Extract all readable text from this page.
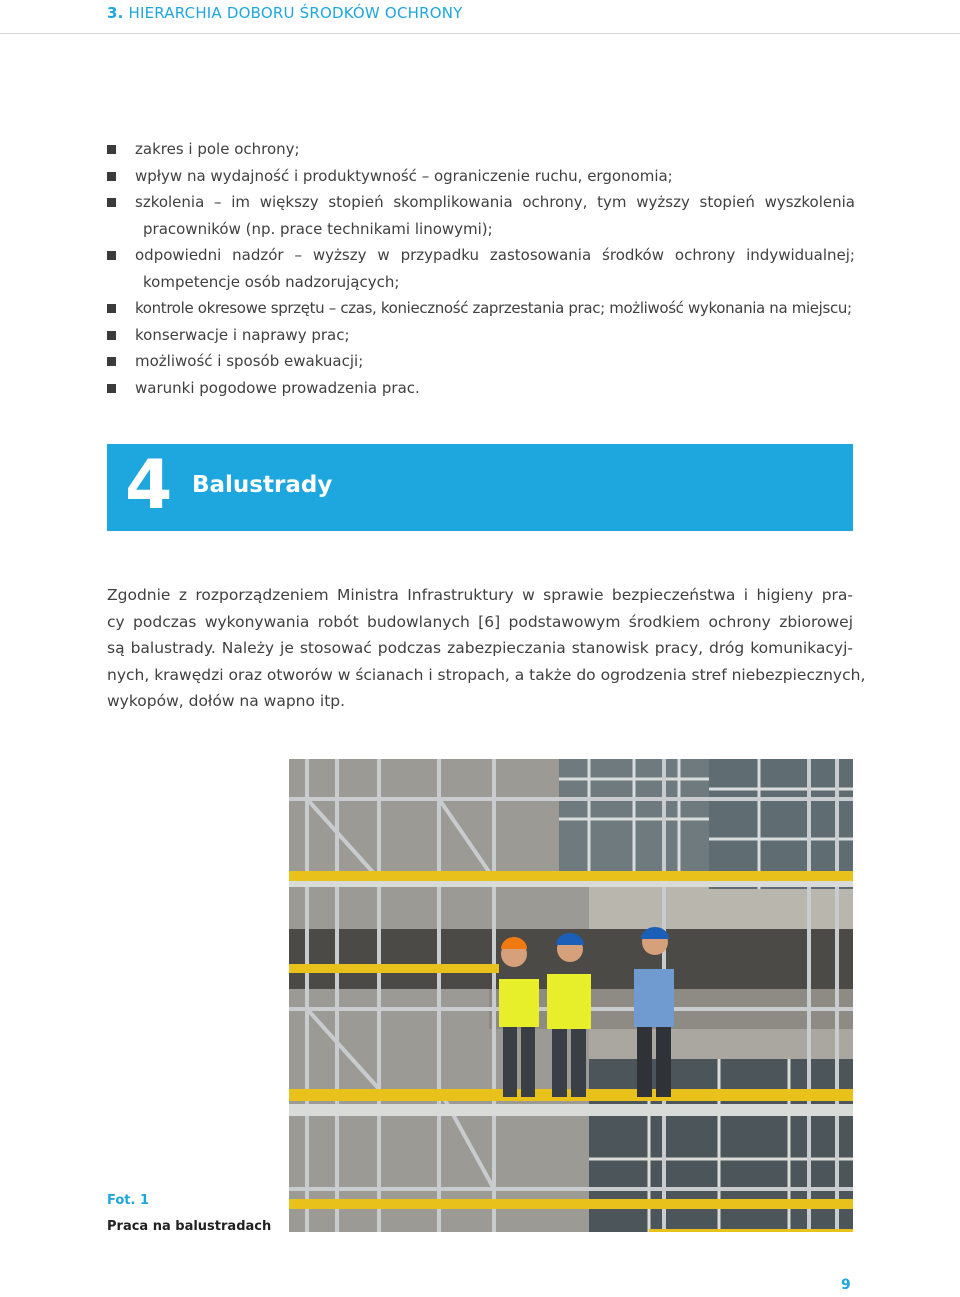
3. HIERARCHIA DOBORU ŚRODKÓW OCHRONY
zakres i pole ochrony;
wpływ na wydajność i produktywność – ograniczenie ruchu, ergonomia;
szkolenia – im większy stopień skomplikowania ochrony, tym wyższy stopień wyszkolenia
pracowników (np. prace technikami linowymi);
odpowiedni nadzór – wyższy w przypadku zastosowania środków ochrony indywidualnej;
kompetencje osób nadzorujących;
kontrole okresowe sprzętu – czas, konieczność zaprzestania prac; możliwość wykonania na miejscu;
konserwacje i naprawy prac;
możliwość i sposób ewakuacji;
warunki pogodowe prowadzenia prac.
4 Balustrady
Zgodnie z rozporządzeniem Ministra Infrastruktury w sprawie bezpieczeństwa i higieny pra-
cy podczas wykonywania robót budowlanych [6] podstawowym środkiem ochrony zbiorowej
są balustrady. Należy je stosować podczas zabezpieczania stanowisk pracy, dróg komunikacyj-
nych, krawędzi oraz otworów w ścianach i stropach, a także do ogrodzenia stref niebezpiecznych,
wykopów, dołów na wapno itp.
Fot. 1
Praca na balustradach
9
